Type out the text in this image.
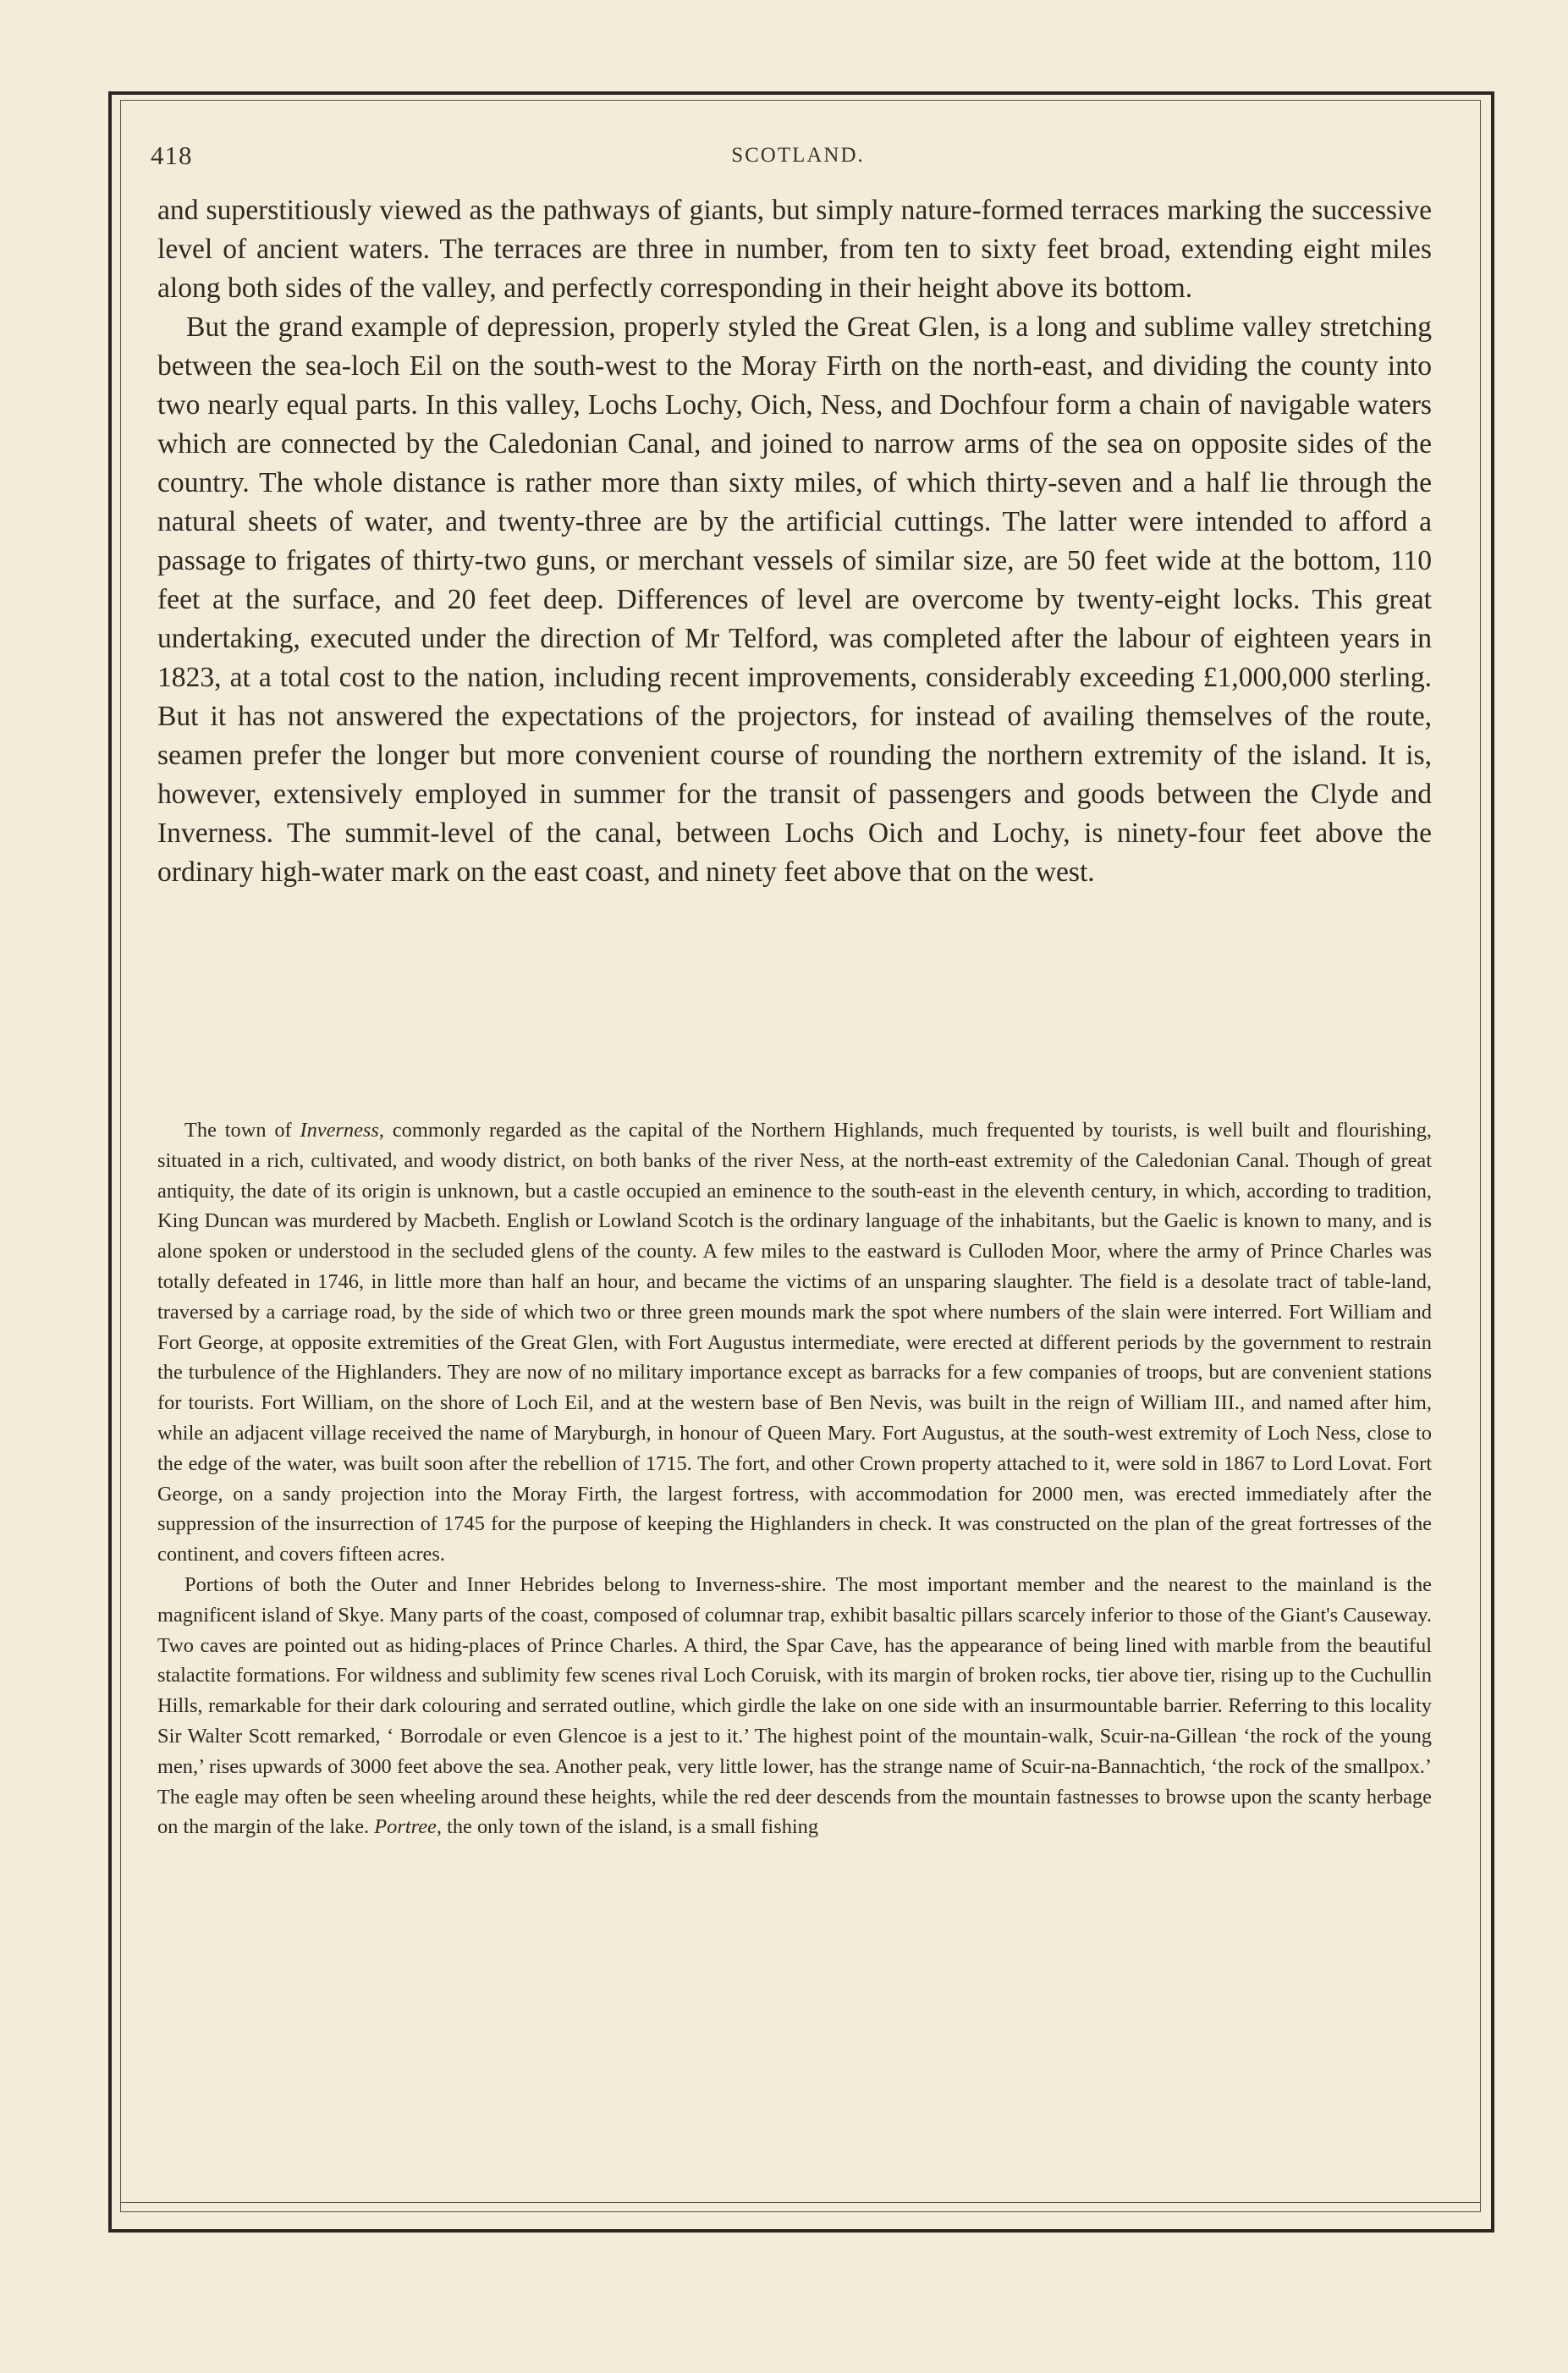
418	SCOTLAND.

and superstitiously viewed as the pathways of giants, but simply nature-formed terraces marking the successive level of ancient waters. The terraces are three in number, from ten to sixty feet broad, extending eight miles along both sides of the valley, and perfectly corresponding in their height above its bottom.

But the grand example of depression, properly styled the Great Glen, is a long and sublime valley stretching between the sea-loch Eil on the south-west to the Moray Firth on the north-east, and dividing the county into two nearly equal parts. In this valley, Lochs Lochy, Oich, Ness, and Dochfour form a chain of navigable waters which are connected by the Caledonian Canal, and joined to narrow arms of the sea on opposite sides of the country. The whole distance is rather more than sixty miles, of which thirty-seven and a half lie through the natural sheets of water, and twenty-three are by the artificial cuttings. The latter were intended to afford a passage to frigates of thirty-two guns, or merchant vessels of similar size, are 50 feet wide at the bottom, 110 feet at the surface, and 20 feet deep. Differences of level are overcome by twenty-eight locks. This great undertaking, executed under the direction of Mr Telford, was completed after the labour of eighteen years in 1823, at a total cost to the nation, including recent improvements, considerably exceeding £1,000,000 sterling. But it has not answered the expectations of the projectors, for instead of availing themselves of the route, seamen prefer the longer but more convenient course of rounding the northern extremity of the island. It is, however, extensively employed in summer for the transit of passengers and goods between the Clyde and Inverness. The summit-level of the canal, between Lochs Oich and Lochy, is ninety-four feet above the ordinary high-water mark on the east coast, and ninety feet above that on the west.

The town of Inverness, commonly regarded as the capital of the Northern Highlands, much frequented by tourists, is well built and flourishing, situated in a rich, cultivated, and woody district, on both banks of the river Ness, at the north-east extremity of the Caledonian Canal. Though of great antiquity, the date of its origin is unknown, but a castle occupied an eminence to the south-east in the eleventh century, in which, according to tradition, King Duncan was murdered by Macbeth. English or Lowland Scotch is the ordinary language of the inhabitants, but the Gaelic is known to many, and is alone spoken or understood in the secluded glens of the county. A few miles to the eastward is Culloden Moor, where the army of Prince Charles was totally defeated in 1746, in little more than half an hour, and became the victims of an unsparing slaughter. The field is a desolate tract of table-land, traversed by a carriage road, by the side of which two or three green mounds mark the spot where numbers of the slain were interred. Fort William and Fort George, at opposite extremities of the Great Glen, with Fort Augustus intermediate, were erected at different periods by the government to restrain the turbulence of the Highlanders. They are now of no military importance except as barracks for a few companies of troops, but are convenient stations for tourists. Fort William, on the shore of Loch Eil, and at the western base of Ben Nevis, was built in the reign of William III., and named after him, while an adjacent village received the name of Maryburgh, in honour of Queen Mary. Fort Augustus, at the south-west extremity of Loch Ness, close to the edge of the water, was built soon after the rebellion of 1715. The fort, and other Crown property attached to it, were sold in 1867 to Lord Lovat. Fort George, on a sandy projection into the Moray Firth, the largest fortress, with accommodation for 2000 men, was erected immediately after the suppression of the insurrection of 1745 for the purpose of keeping the Highlanders in check. It was constructed on the plan of the great fortresses of the continent, and covers fifteen acres.

Portions of both the Outer and Inner Hebrides belong to Inverness-shire. The most important member and the nearest to the mainland is the magnificent island of Skye. Many parts of the coast, composed of columnar trap, exhibit basaltic pillars scarcely inferior to those of the Giant's Causeway. Two caves are pointed out as hiding-places of Prince Charles. A third, the Spar Cave, has the appearance of being lined with marble from the beautiful stalactite formations. For wildness and sublimity few scenes rival Loch Coruisk, with its margin of broken rocks, tier above tier, rising up to the Cuchullin Hills, remarkable for their dark colouring and serrated outline, which girdle the lake on one side with an insurmountable barrier. Referring to this locality Sir Walter Scott remarked, ‘ Borrodale or even Glencoe is a jest to it.’ The highest point of the mountain-walk, Scuir-na-Gillean ‘the rock of the young men,’ rises upwards of 3000 feet above the sea. Another peak, very little lower, has the strange name of Scuir-na-Bannachtich, ‘the rock of the smallpox.’ The eagle may often be seen wheeling around these heights, while the red deer descends from the mountain fastnesses to browse upon the scanty herbage on the margin of the lake. Portree, the only town of the island, is a small fishing
